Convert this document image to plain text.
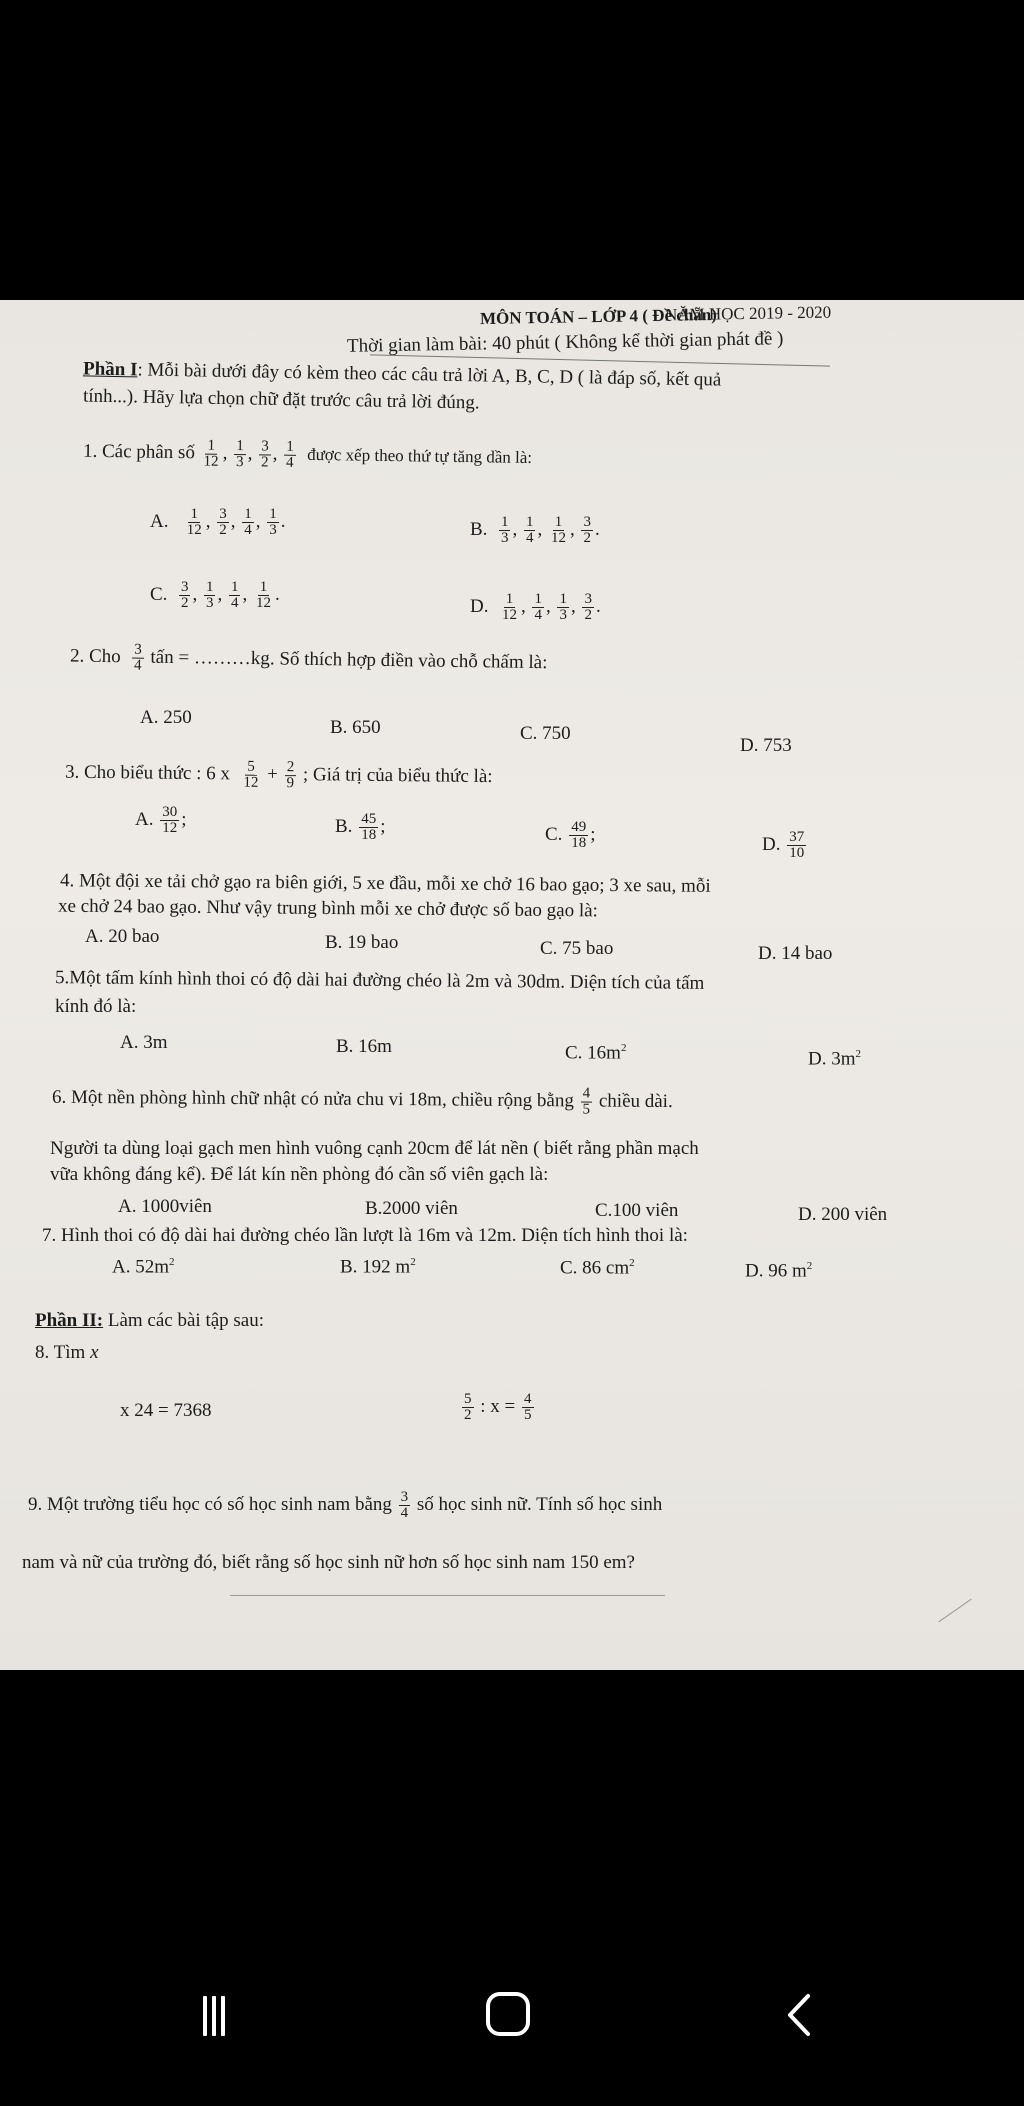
NĂM HỌC 2019 - 2020
MÔN TOÁN – LỚP 4 ( Đề chẵn)
Thời gian làm bài: 40 phút ( Không kể thời gian phát đề )
Phần I: Mỗi bài dưới đây có kèm theo các câu trả lời A, B, C, D ( là đáp số, kết quả
tính...). Hãy lựa chọn chữ đặt trước câu trả lời đúng.
1. Các phân số $\frac{1}{12}$ , $\frac{1}{3}$ , $\frac{3}{2}$ , $\frac{1}{4}$ được xếp theo thứ tự tăng dần là:
A. $\frac{1}{12}$ , $\frac{3}{2}$ , $\frac{1}{4}$ , $\frac{1}{3}$ .	B. $\frac{1}{3}$ , $\frac{1}{4}$ , $\frac{1}{12}$ , $\frac{3}{2}$ .
C. $\frac{3}{2}$ , $\frac{1}{3}$ , $\frac{1}{4}$ , $\frac{1}{12}$ .
D. $\frac{1}{12}$ , $\frac{1}{4}$ , $\frac{1}{3}$ , $\frac{3}{2}$ .
2. Cho $\frac{3}{4}$ tấn = ………kg. Số thích hợp điền vào chỗ chấm là:
A. 250	B. 650	C. 750
D. 753
3. Cho biểu thức : 6 x $\frac{5}{12} + \frac{2}{9}$ ; Giá trị của biểu thức là:
A. $\frac{30}{12}$ ;	B. $\frac{45}{18}$ ;	C. $\frac{49}{18}$ ;	D. $\frac{37}{10}$
4. Một đội xe tải chở gạo ra biên giới, 5 xe đầu, mỗi xe chở 16 bao gạo; 3 xe sau, mỗi
xe chở 24 bao gạo. Như vậy trung bình mỗi xe chở được số bao gạo là:
A. 20 bao	B. 19 bao	C. 75 bao	D. 14 bao
5.Một tấm kính hình thoi có độ dài hai đường chéo là 2m và 30dm. Diện tích của tấm
kính đó là:
A. 3m	B. 16m	C. $16m^2$
D. $3m^2$
6. Một nền phòng hình chữ nhật có nửa chu vi 18m, chiều rộng bằng $\frac{4}{5}$ chiều dài.
Người ta dùng loại gạch men hình vuông cạnh 20cm để lát nền ( biết rằng phần mạch
vữa không đáng kể). Để lát kín nền phòng đó cần số viên gạch là:
A. 1000viên	B.2000 viên	C.100 viên	D. 200 viên
7. Hình thoi có độ dài hai đường chéo lần lượt là 16m và 12m. Diện tích hình thoi là:
A. $52m^2$	B. 192 $m^2$	C. 86 $cm^2$	D. 96 $m^2$
Phần II: Làm các bài tập sau:
8. Tìm x
x 24 = 7368	$\frac{5}{2}$ : $x = \frac{4}{5}$
9. Một trường tiểu học có số học sinh nam bằng $\frac{3}{4}$ số học sinh nữ. Tính số học sinh
nam và nữ của trường đó, biết rằng số học sinh nữ hơn số học sinh nam 150 em?
